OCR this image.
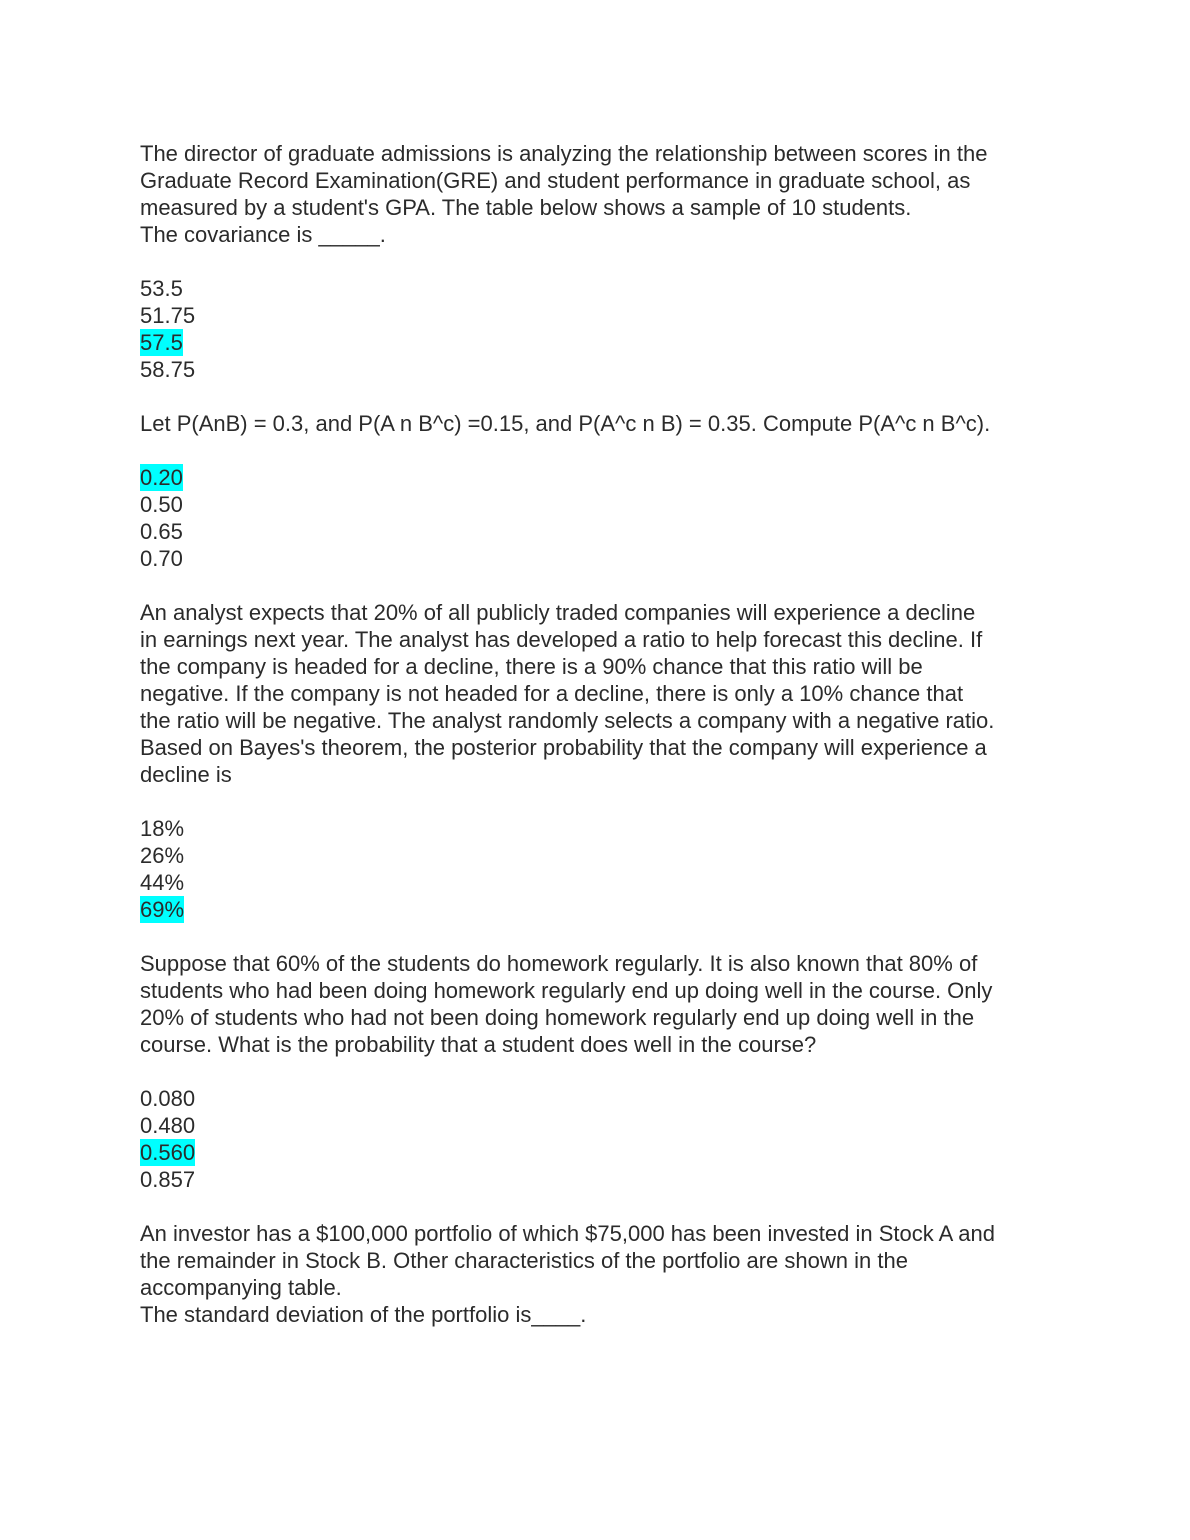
The director of graduate admissions is analyzing the relationship between scores in the
Graduate Record Examination(GRE) and student performance in graduate school, as
measured by a student's GPA. The table below shows a sample of 10 students.
The covariance is _____.
53.5
51.75
57.5
58.75
Let P(AnB) = 0.3, and P(A n B^c) =0.15, and P(A^c n B) = 0.35. Compute P(A^c n B^c).
0.20
0.50
0.65
0.70
An analyst expects that 20% of all publicly traded companies will experience a decline
in earnings next year. The analyst has developed a ratio to help forecast this decline. If
the company is headed for a decline, there is a 90% chance that this ratio will be
negative. If the company is not headed for a decline, there is only a 10% chance that
the ratio will be negative. The analyst randomly selects a company with a negative ratio.
Based on Bayes's theorem, the posterior probability that the company will experience a
decline is
18%
26%
44%
69%
Suppose that 60% of the students do homework regularly. It is also known that 80% of
students who had been doing homework regularly end up doing well in the course. Only
20% of students who had not been doing homework regularly end up doing well in the
course. What is the probability that a student does well in the course?
0.080
0.480
0.560
0.857
An investor has a $100,000 portfolio of which $75,000 has been invested in Stock A and
the remainder in Stock B. Other characteristics of the portfolio are shown in the
accompanying table.
The standard deviation of the portfolio is____.
